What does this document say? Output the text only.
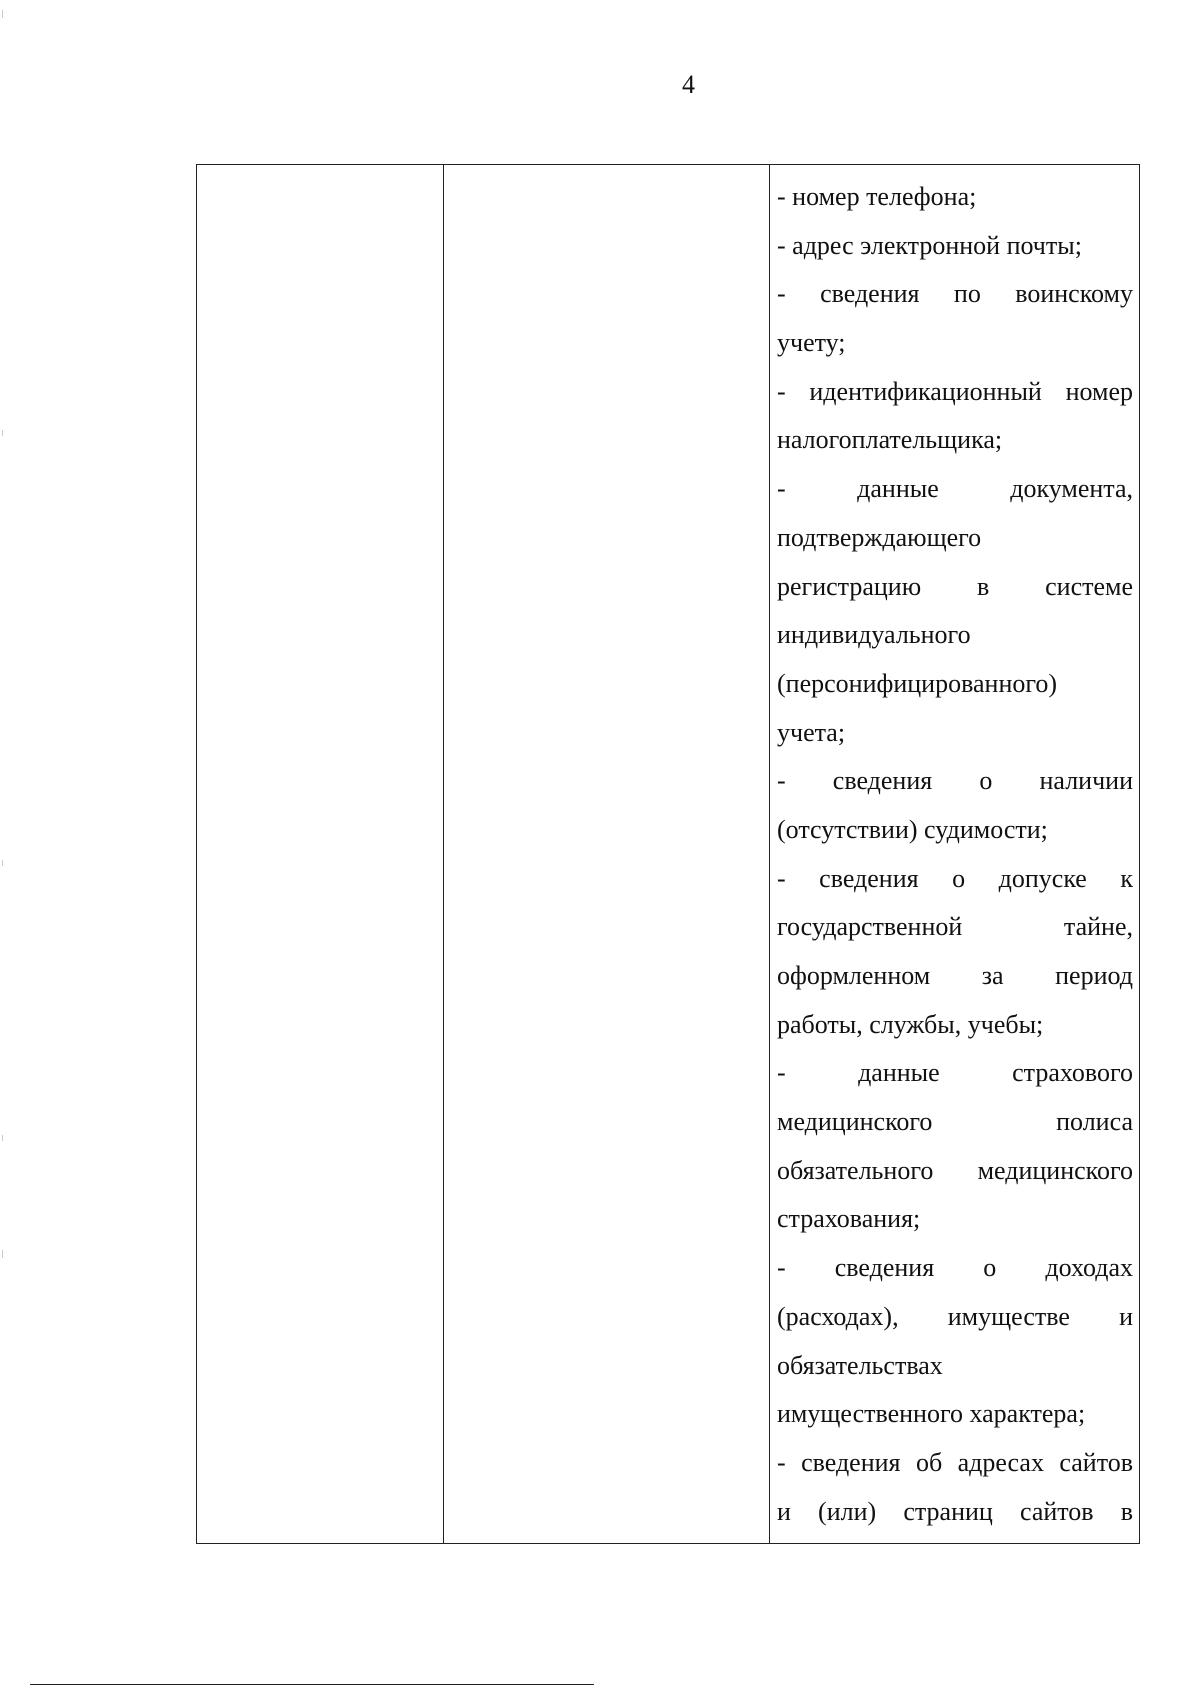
4
- номер телефона;
- адрес электронной почты;
- сведения по воинскому
учету;
- идентификационный номер
налогоплательщика;
- данные документа,
подтверждающего
регистрацию в системе
индивидуального
(персонифицированного)
учета;
- сведения о наличии
(отсутствии) судимости;
- сведения о допуске к
государственной тайне,
оформленном за период
работы, службы, учебы;
- данные страхового
медицинского полиса
обязательного медицинского
страхования;
- сведения о доходах
(расходах), имуществе и
обязательствах
имущественного характера;
- сведения об адресах сайтов
и (или) страниц сайтов в
